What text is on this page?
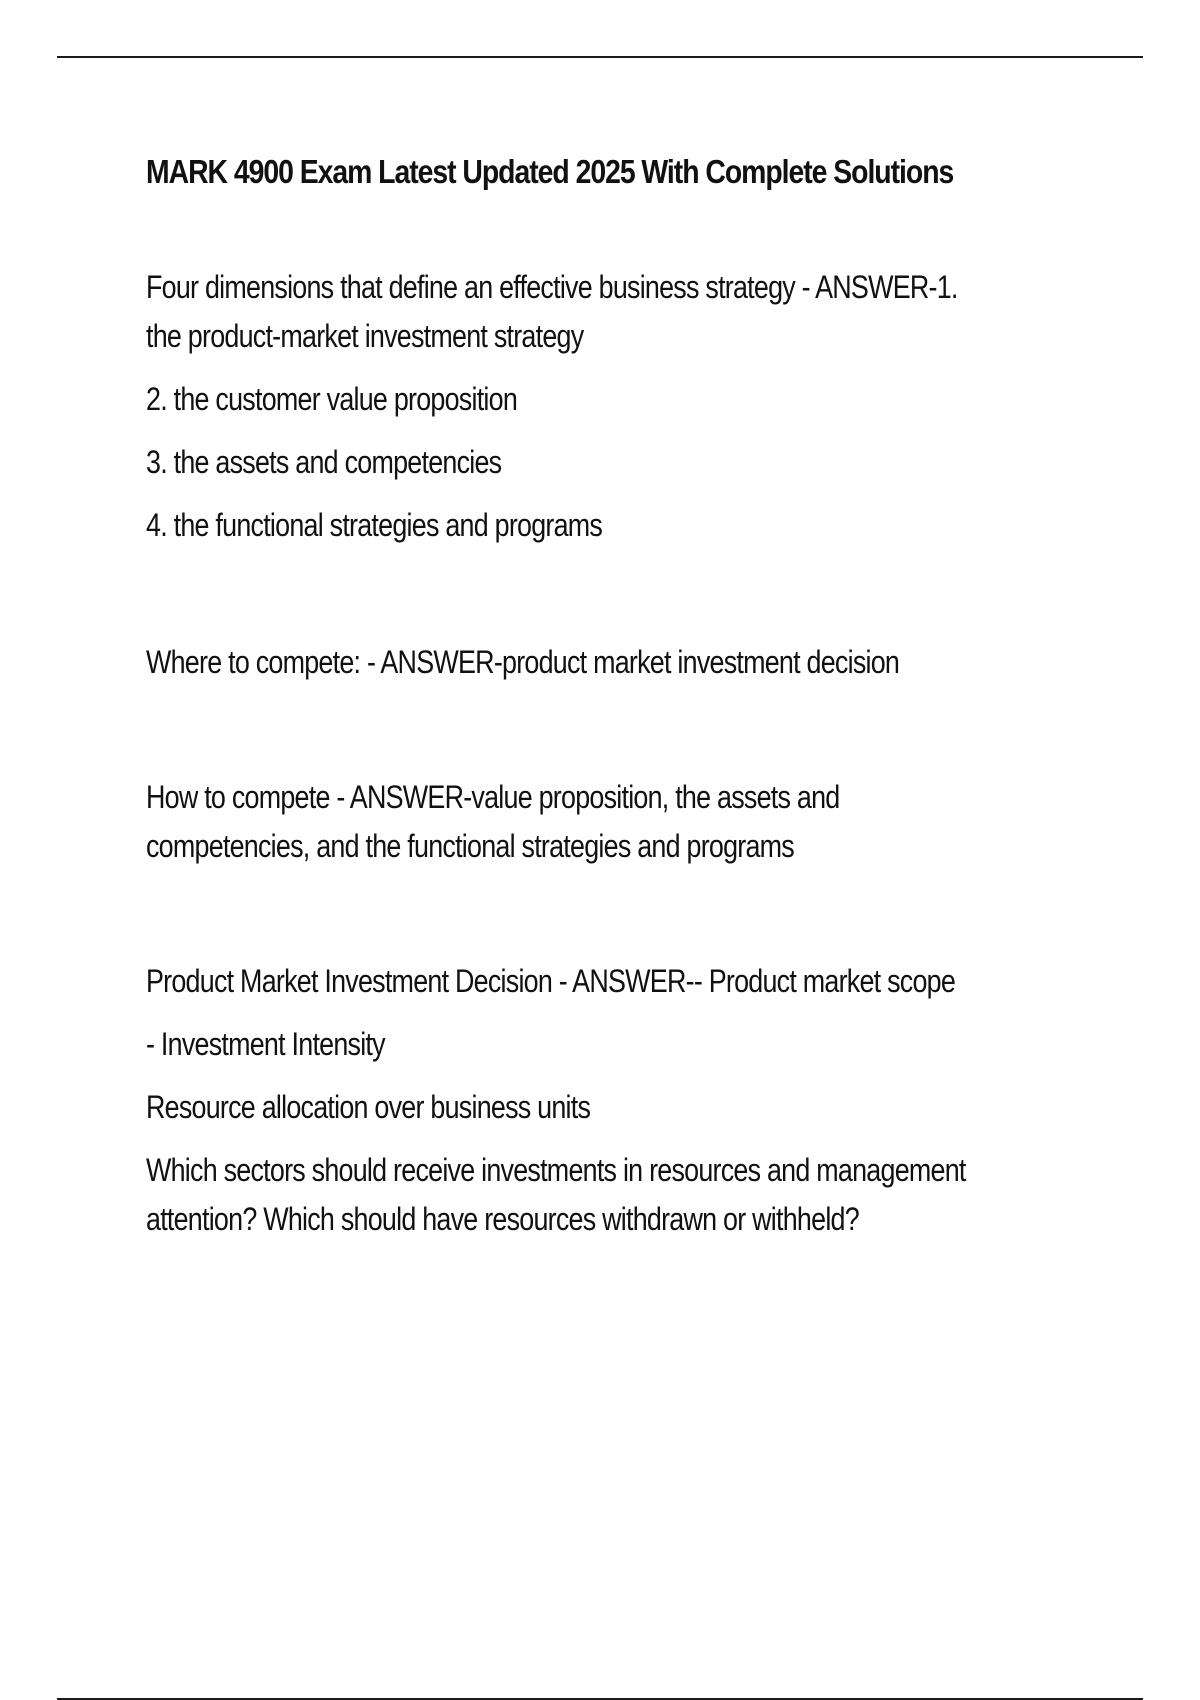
MARK 4900 Exam Latest Updated 2025 With Complete Solutions
Four dimensions that define an effective business strategy - ANSWER-1.
the product-market investment strategy
2. the customer value proposition
3. the assets and competencies
4. the functional strategies and programs
Where to compete: - ANSWER-product market investment decision
How to compete - ANSWER-value proposition, the assets and
competencies, and the functional strategies and programs
Product Market Investment Decision - ANSWER-- Product market scope
- Investment Intensity
Resource allocation over business units
Which sectors should receive investments in resources and management
attention? Which should have resources withdrawn or withheld?
